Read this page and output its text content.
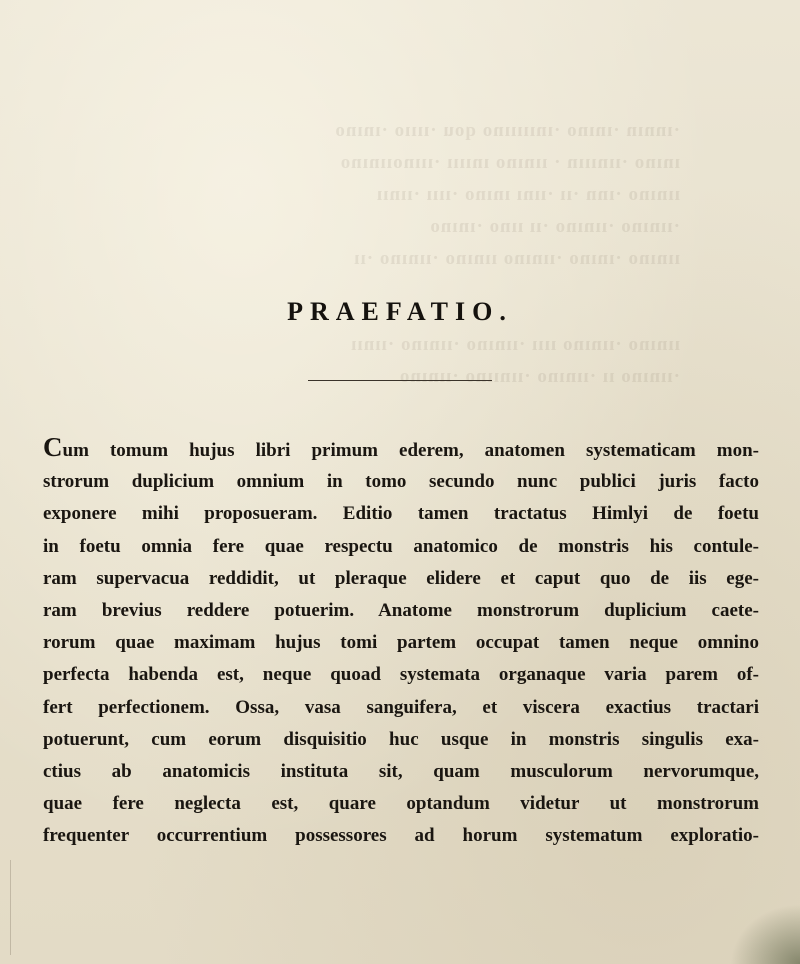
·ınnın ·ınıno ·ınıııııno qou ·ııııo ·ınıno
ınıno ·ıınııın · ıınıno ınıııı ·ııınoıınıno
ıınıno ·ınn ·ıı ·ıını ınıno ·ıııı ·ıınıı
·ıınıno ·ıınıno ·ıı ııno ·ınıno
ıınıno ·ınıno ·ıınıno ıınıno ·ıınıno ·ıı
ıınıno ·ıınıno ıııı ·ıınıno ·ıınıno ·ıınıı
·ıınıno ıı ·ıınıno ·ıınııno ·ıınıno
PRAEFATIO.
Cum tomum hujus libri primum ederem, anatomen systematicam mon-
strorum duplicium omnium in tomo secundo nunc publici juris facto
exponere mihi proposueram. Editio tamen tractatus Himlyi de foetu
in foetu omnia fere quae respectu anatomico de monstris his contule-
ram supervacua reddidit, ut pleraque elidere et caput quo de iis ege-
ram brevius reddere potuerim. Anatome monstrorum duplicium caete-
rorum quae maximam hujus tomi partem occupat tamen neque omnino
perfecta habenda est, neque quoad systemata organaque varia parem of-
fert perfectionem. Ossa, vasa sanguifera, et viscera exactius tractari
potuerunt, cum eorum disquisitio huc usque in monstris singulis exa-
ctius ab anatomicis instituta sit, quam musculorum nervorumque,
quae fere neglecta est, quare optandum videtur ut monstrorum
frequenter occurrentium possessores ad horum systematum exploratio-
